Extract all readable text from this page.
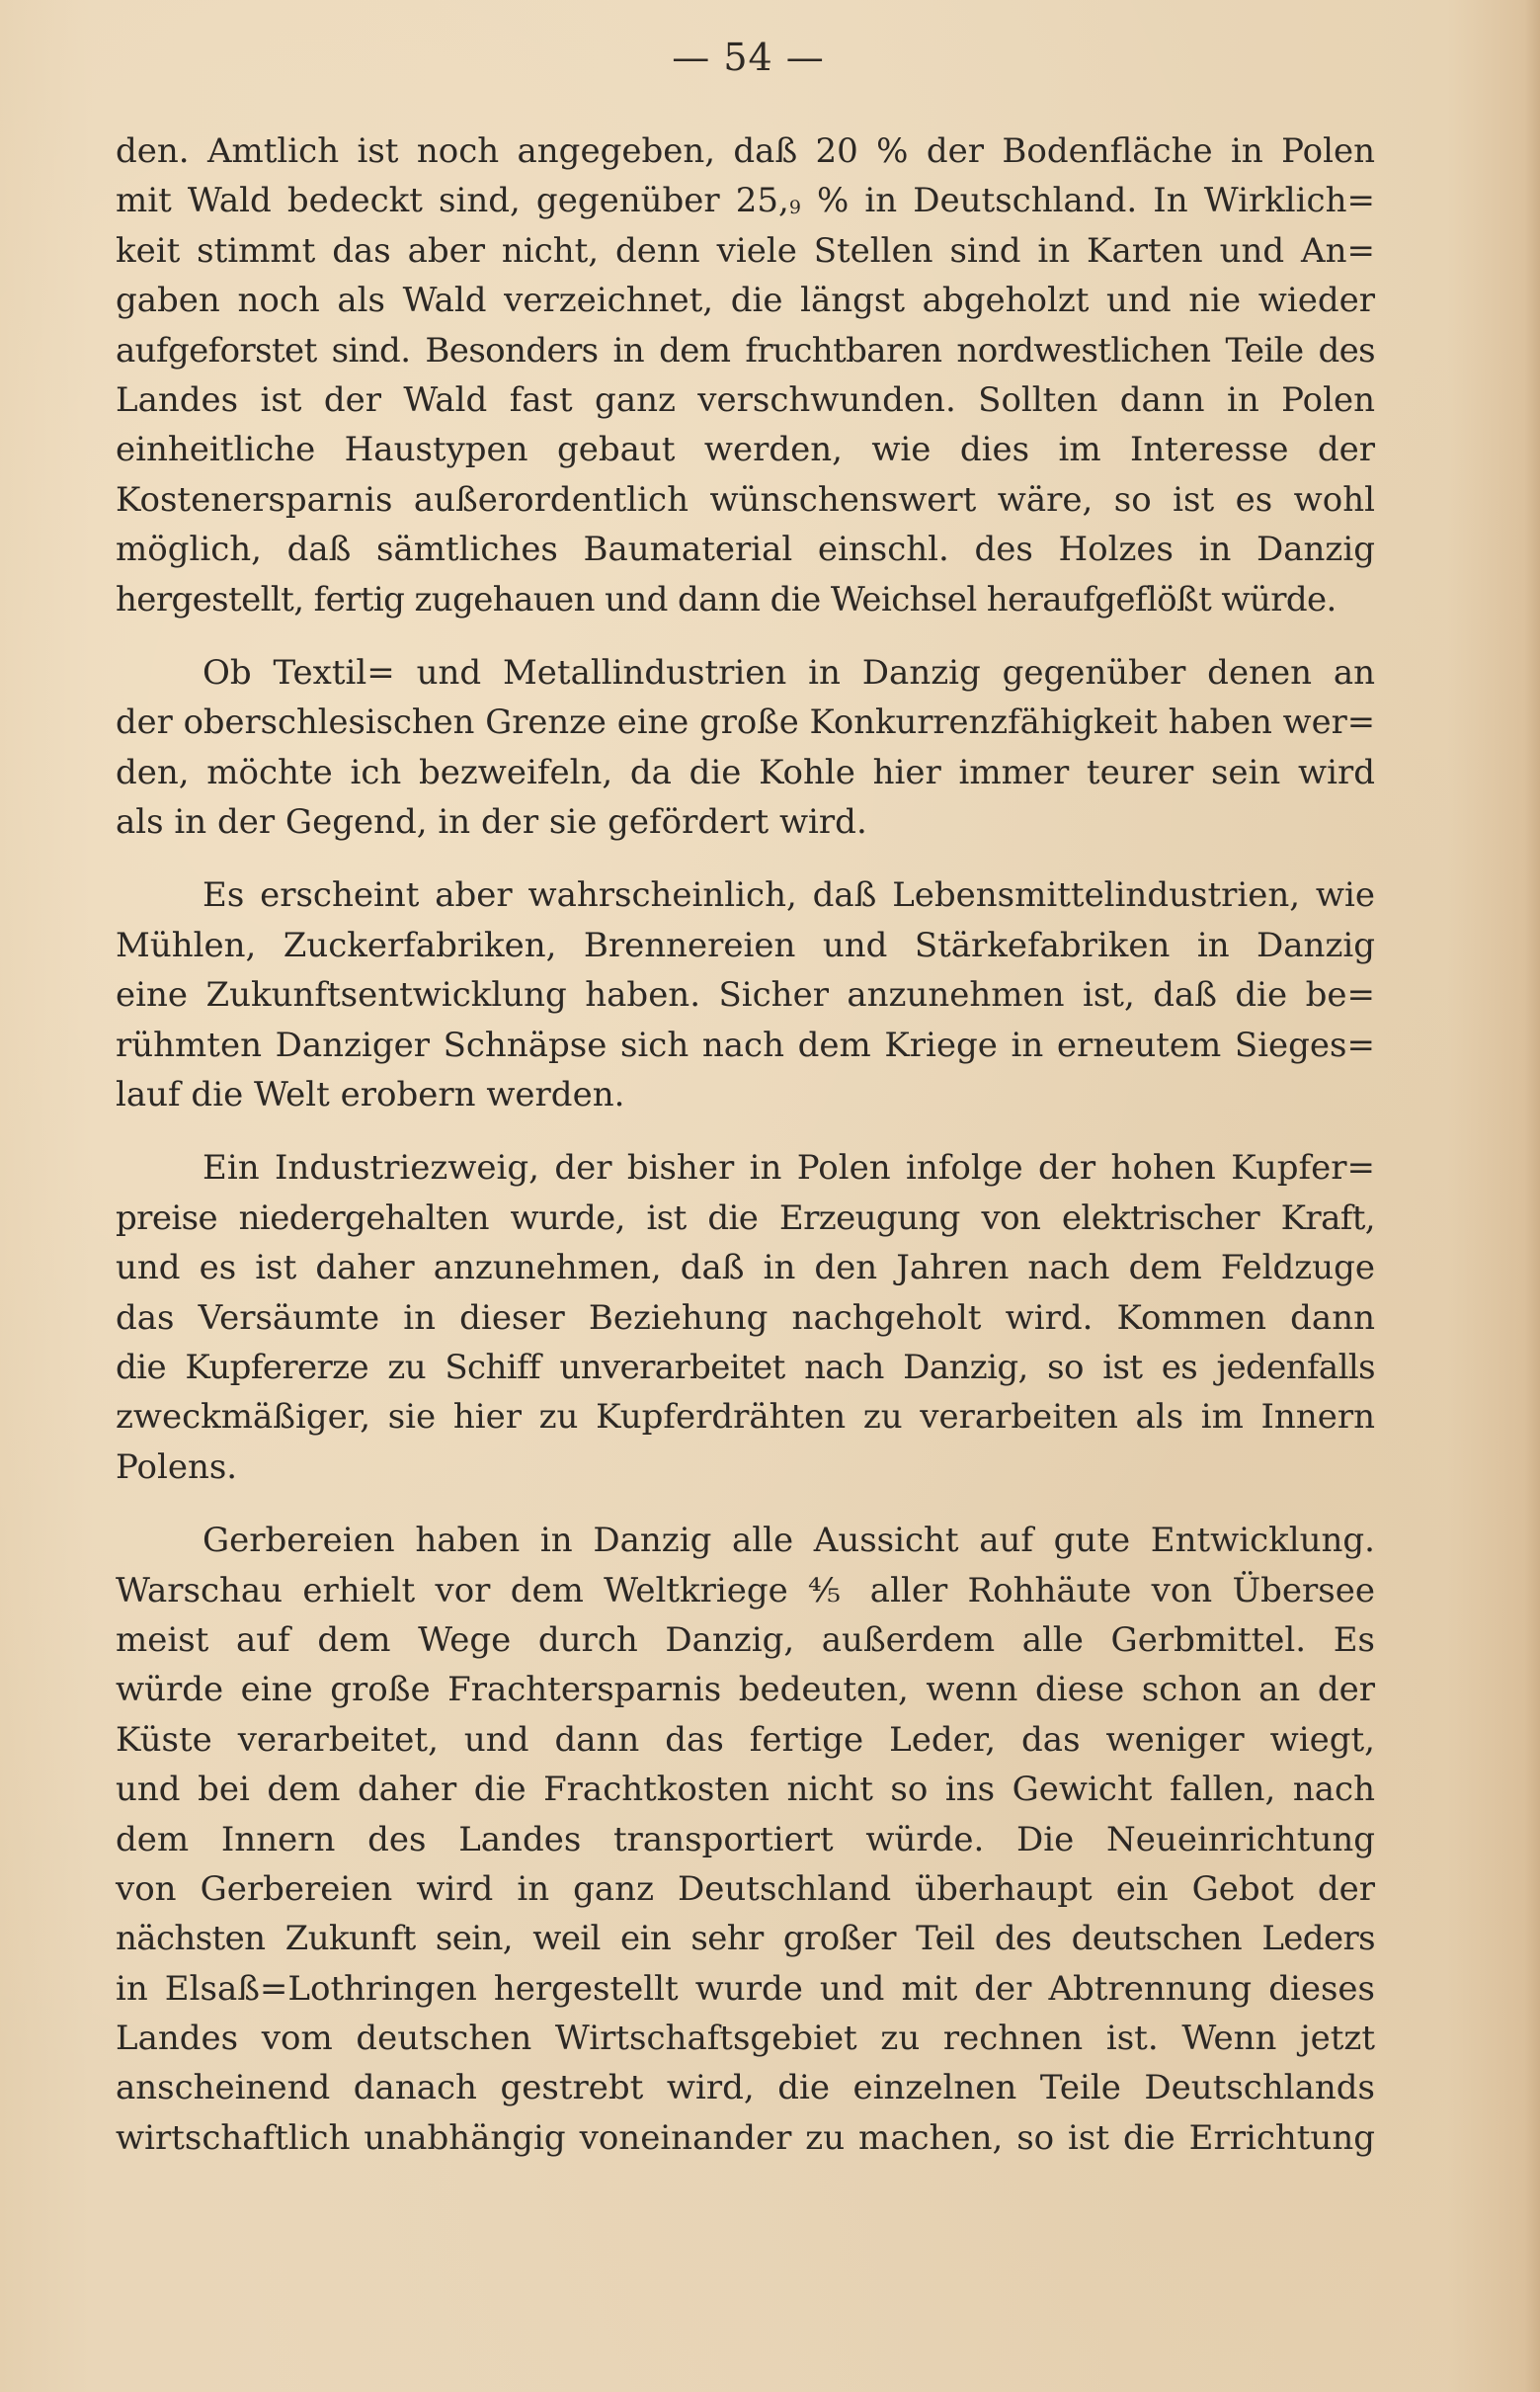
— 54 —
den. Amtlich ist noch angegeben, daß 20 % der Bodenfläche in Polen
mit Wald bedeckt sind, gegenüber 25,9 % in Deutschland. In Wirklich=
keit stimmt das aber nicht, denn viele Stellen sind in Karten und An=
gaben noch als Wald verzeichnet, die längst abgeholzt und nie wieder
aufgeforstet sind. Besonders in dem fruchtbaren nordwestlichen Teile des
Landes ist der Wald fast ganz verschwunden. Sollten dann in Polen
einheitliche Haustypen gebaut werden, wie dies im Interesse der
Kostenersparnis außerordentlich wünschenswert wäre, so ist es wohl
möglich, daß sämtliches Baumaterial einschl. des Holzes in Danzig
hergestellt, fertig zugehauen und dann die Weichsel heraufgeflößt würde.
Ob Textil= und Metallindustrien in Danzig gegenüber denen an
der oberschlesischen Grenze eine große Konkurrenzfähigkeit haben wer=
den, möchte ich bezweifeln, da die Kohle hier immer teurer sein wird
als in der Gegend, in der sie gefördert wird.
Es erscheint aber wahrscheinlich, daß Lebensmittelindustrien, wie
Mühlen, Zuckerfabriken, Brennereien und Stärkefabriken in Danzig
eine Zukunftsentwicklung haben. Sicher anzunehmen ist, daß die be=
rühmten Danziger Schnäpse sich nach dem Kriege in erneutem Sieges=
lauf die Welt erobern werden.
Ein Industriezweig, der bisher in Polen infolge der hohen Kupfer=
preise niedergehalten wurde, ist die Erzeugung von elektrischer Kraft,
und es ist daher anzunehmen, daß in den Jahren nach dem Feldzuge
das Versäumte in dieser Beziehung nachgeholt wird. Kommen dann
die Kupfererze zu Schiff unverarbeitet nach Danzig, so ist es jedenfalls
zweckmäßiger, sie hier zu Kupferdrähten zu verarbeiten als im Innern
Polens.
Gerbereien haben in Danzig alle Aussicht auf gute Entwicklung.
Warschau erhielt vor dem Weltkriege ⅘ aller Rohhäute von Übersee
meist auf dem Wege durch Danzig, außerdem alle Gerbmittel. Es
würde eine große Frachtersparnis bedeuten, wenn diese schon an der
Küste verarbeitet, und dann das fertige Leder, das weniger wiegt,
und bei dem daher die Frachtkosten nicht so ins Gewicht fallen, nach
dem Innern des Landes transportiert würde. Die Neueinrichtung
von Gerbereien wird in ganz Deutschland überhaupt ein Gebot der
nächsten Zukunft sein, weil ein sehr großer Teil des deutschen Leders
in Elsaß=Lothringen hergestellt wurde und mit der Abtrennung dieses
Landes vom deutschen Wirtschaftsgebiet zu rechnen ist. Wenn jetzt
anscheinend danach gestrebt wird, die einzelnen Teile Deutschlands
wirtschaftlich unabhängig voneinander zu machen, so ist die Errichtung
